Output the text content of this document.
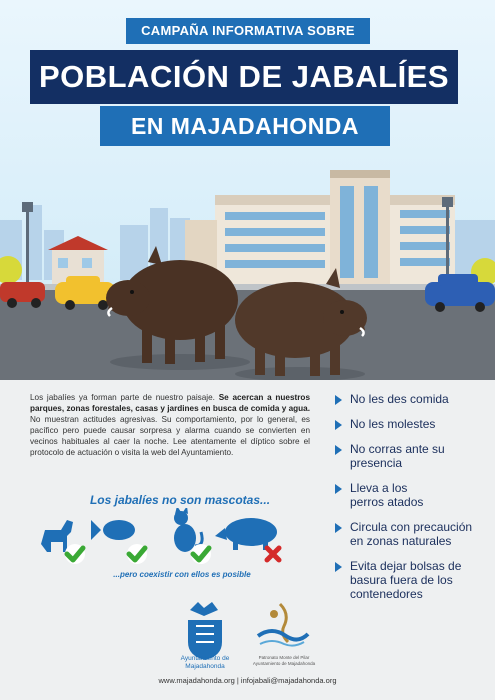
CAMPAÑA INFORMATIVA SOBRE
POBLACIÓN DE JABALÍES
EN MAJADAHONDA
Los jabalíes ya forman parte de nuestro paisaje. Se acercan a nuestros parques, zonas forestales, casas y jardines en busca de comida y agua. No muestran actitudes agresivas. Su comportamiento, por lo general, es pacífico pero puede causar sorpresa y alarma cuando se convierten en vecinos habituales al caer la noche. Lee atentamente el díptico sobre el protocolo de actuación o visita la web del Ayuntamiento.
No les des comida
No les molestes
No corras ante su presencia
Lleva a los perros atados
Circula con precaución en zonas naturales
Evita dejar bolsas de basura fuera de los contenedores
Los jabalíes no son mascotas...
...pero coexistir con ellos es posible
Ayuntamiento de Majadahonda
Patronato Monte del Pilar Ayuntamiento de Majadahonda
www.majadahonda.org | infojabali@majadahonda.org
